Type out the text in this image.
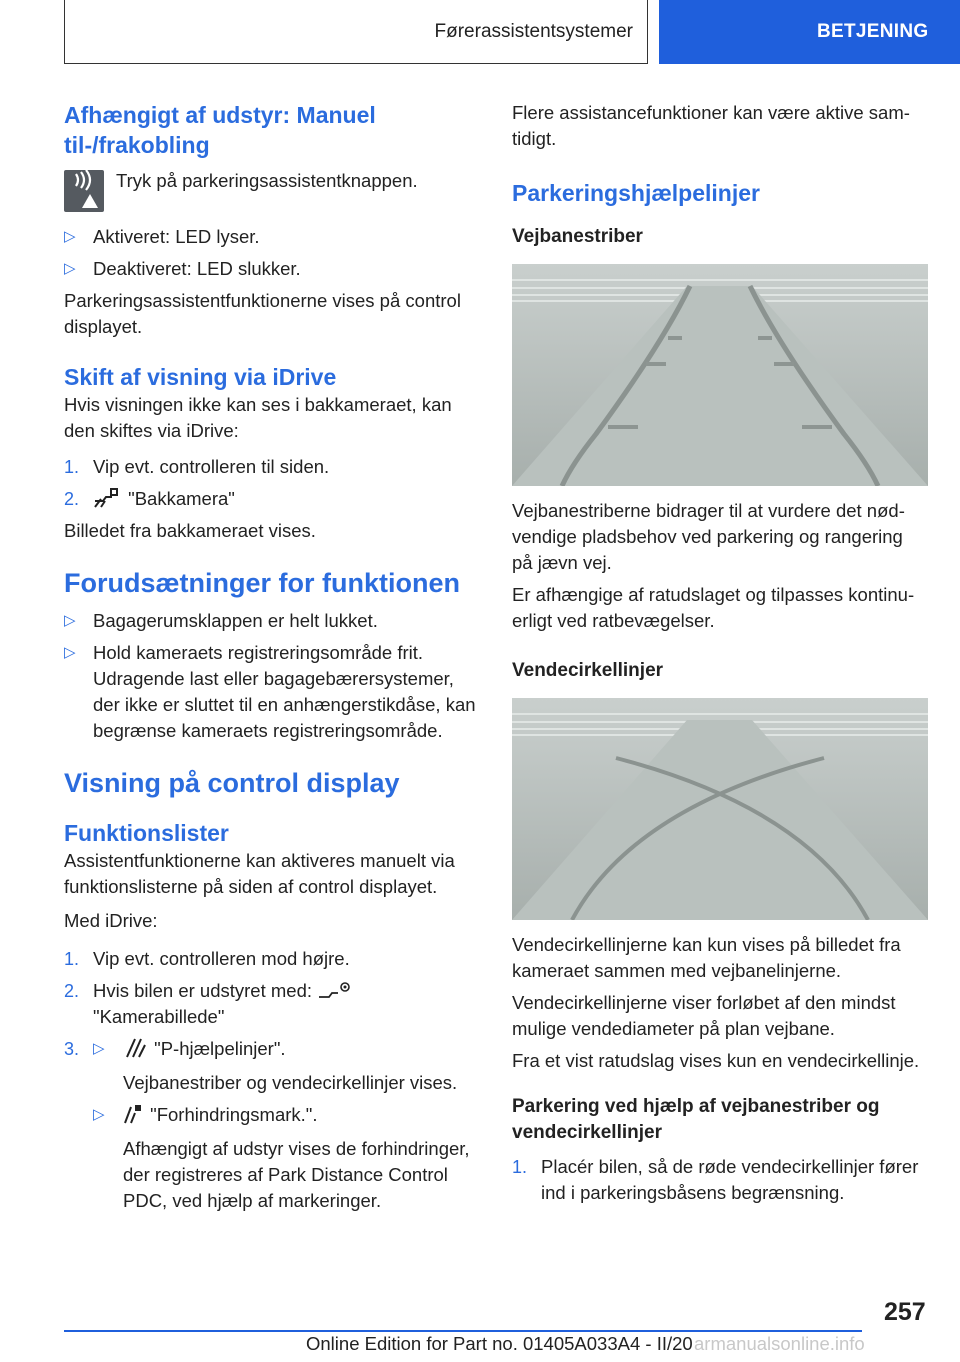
Førerassistentsystemer	BETJENING
Afhængigt af udstyr: Manuel til-/frakobling

Tryk på parkeringsassistentknappen.

▷ Aktiveret: LED lyser.
▷ Deaktiveret: LED slukker.

Parkeringsassistentfunktionerne vises på control displayet.

Skift af visning via iDrive

Hvis visningen ikke kan ses i bakkameraet, kan den skiftes via iDrive:

1. Vip evt. controlleren til siden.
2.	"Bakkamera"

Billedet fra bakkameraet vises.

Forudsætninger for funktionen
▷ Bagagerumsklappen er helt lukket.
▷ Hold kameraets registreringsområde frit. Udragende last eller bagagebærersystemer, der ikke er sluttet til en anhængerstikdåse, kan begrænse kameraets registreringsområde.
Visning på control display
Funktionslister

Assistentfunktionerne kan aktiveres manuelt via funktionslisterne på siden af control displayet.

Med iDrive:

1. Vip evt. controlleren mod højre.
2. Hvis bilen er udstyret med:
"Kamerabillede"
3. ▷	"P-hjælpelinjer".

Vejbanestriber og vendecirkellinjer vises.

▷ "Forhindringsmark.".

Afhængigt af udstyr vises de forhindringer, der registreres af Park Distance Control PDC, ved hjælp af markeringer.

Flere assistancefunktioner kan være aktive samtidigt.

Parkeringshjælpelinjer
Vejbanestriber

Vejbanestriberne bidrager til at vurdere det nødvendige pladsbehov ved parkering og rangering på jævn vej.

Er afhængige af ratudslaget og tilpasses kontinuerligt ved ratbevægelser.

Vendecirkellinjer

Vendecirkellinjerne kan kun vises på billedet fra kameraet sammen med vejbanelinjerne.

Vendecirkellinjerne viser forløbet af den mindst mulige vendediameter på plan vejbane.

Fra et vist ratudslag vises kun en vendecirkellinje.

Parkering ved hjælp af vejbanestriber og vendecirkellinjer
1. Placér bilen, så de røde vendecirkellinjer fører ind i parkeringsbåsens begrænsning.
257
Online Edition for Part no. 01405A033A4 - II/20 armanualsonline.info
